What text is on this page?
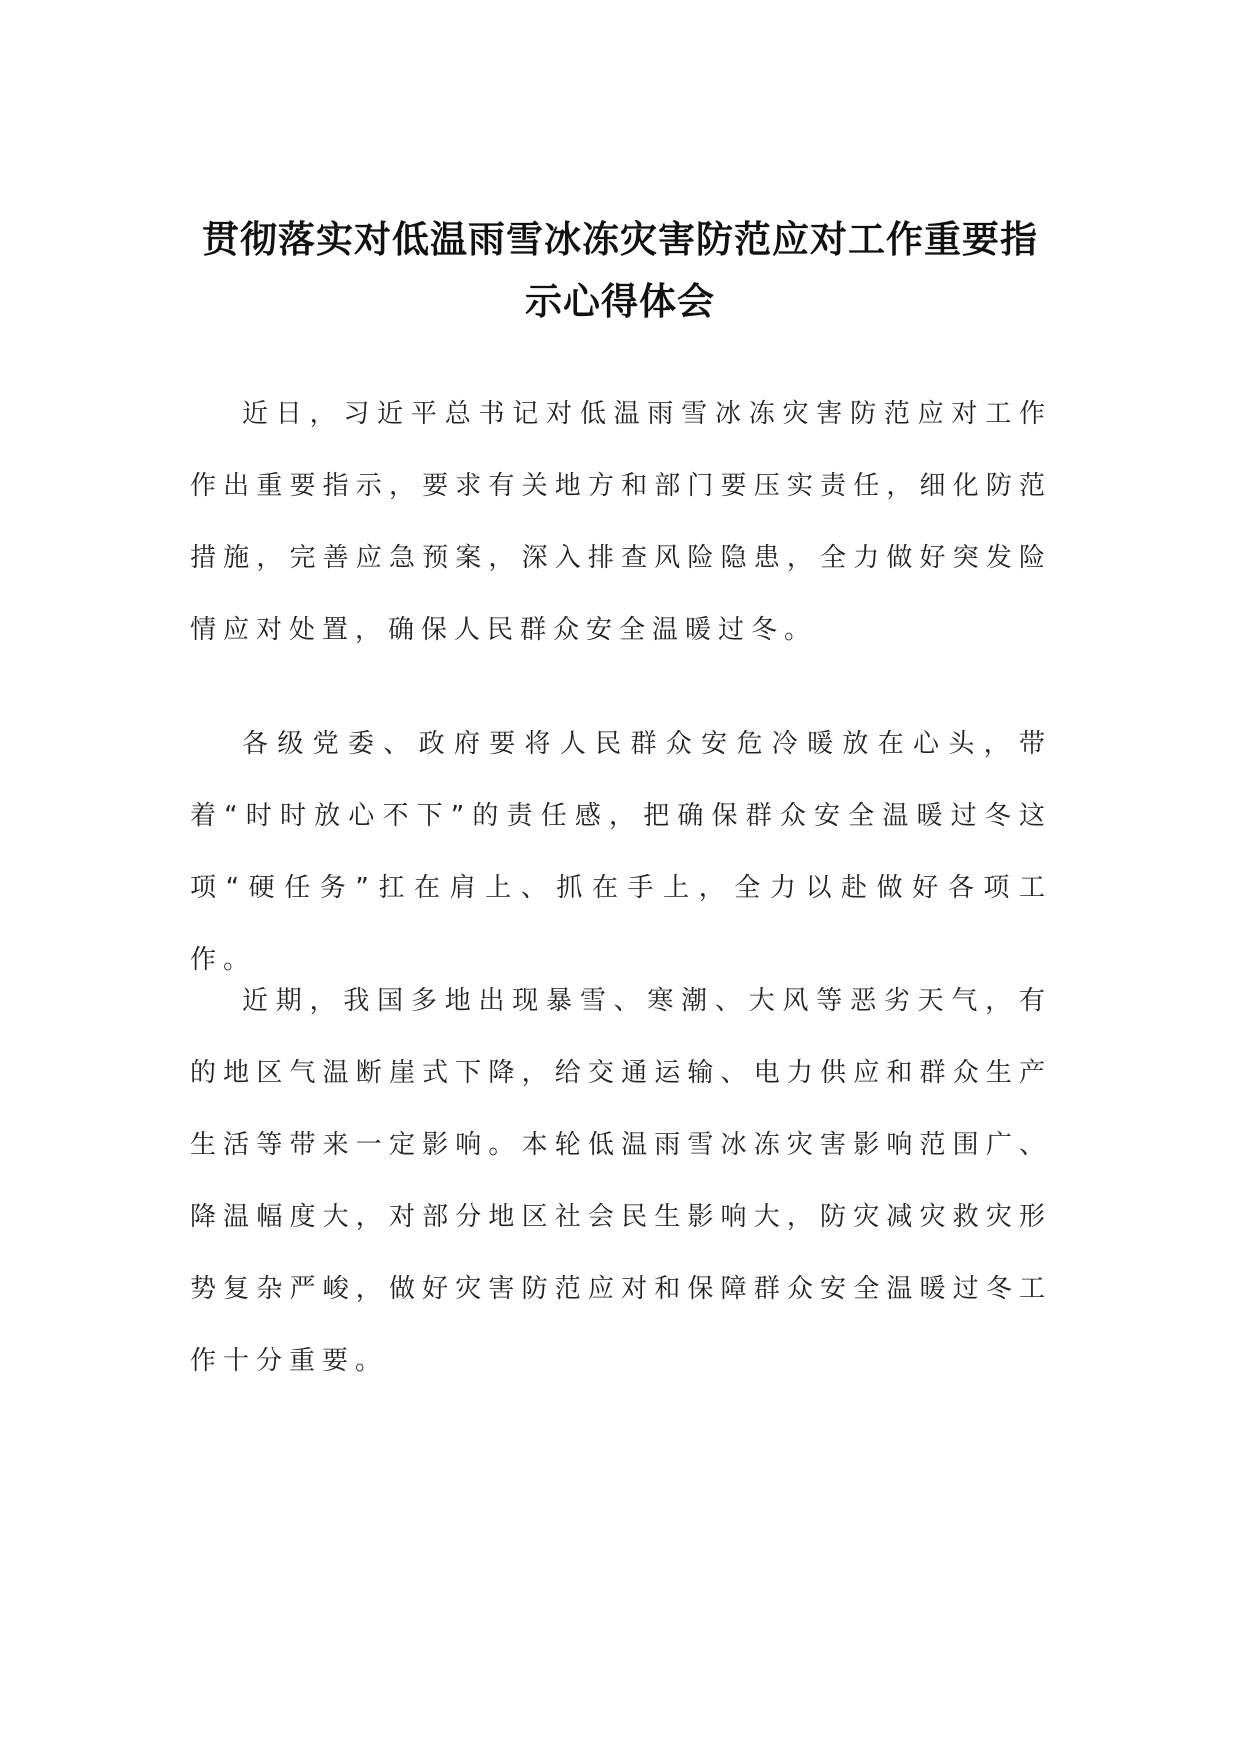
贯彻落实对低温雨雪冰冻灾害防范应对工作重要指
示心得体会

近日，习近平总书记对低温雨雪冰冻灾害防范应对工作作出重要指示，要求有关地方和部门要压实责任，细化防范措施，完善应急预案，深入排查风险隐患，全力做好突发险情应对处置，确保人民群众安全温暖过冬。

各级党委、政府要将人民群众安危冷暖放在心头，带着“时时放心不下”的责任感，把确保群众安全温暖过冬这项“硬任务”扛在肩上、抓在手上，全力以赴做好各项工作。

近期，我国多地出现暴雪、寒潮、大风等恶劣天气，有的地区气温断崖式下降，给交通运输、电力供应和群众生产生活等带来一定影响。本轮低温雨雪冰冻灾害影响范围广、降温幅度大，对部分地区社会民生影响大，防灾减灾救灾形势复杂严峻，做好灾害防范应对和保障群众安全温暖过冬工作十分重要。
